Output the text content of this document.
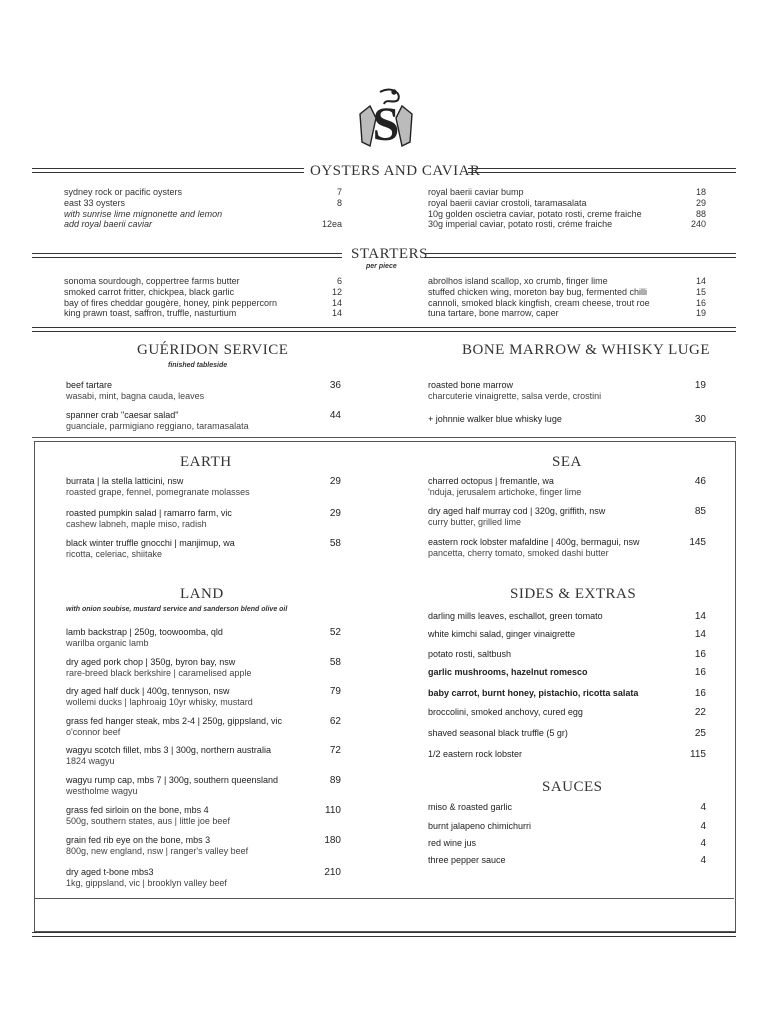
S
OYSTERS AND CAVIAR
sydney rock or pacific oysters	7
east 33 oysters	8
with sunrise lime mignonette and lemon
add royal baerii caviar	12ea
royal baerii caviar bump	18
royal baerii caviar crostoli, taramasalata	29
10g golden oscietra caviar, potato rosti, creme fraiche	88
30g imperial caviar, potato rosti, créme fraiche	240
STARTERS
per piece
sonoma sourdough, coppertree farms butter	6
smoked carrot fritter, chickpea, black garlic	12
bay of fires cheddar gougère, honey, pink peppercorn	14
king prawn toast, saffron, truffle, nasturtium	14
abrolhos island scallop, xo crumb, finger lime	14
stuffed chicken wing, moreton bay bug, fermented chilli	15
cannoli, smoked black kingfish, cream cheese, trout roe	16
tuna tartare, bone marrow, caper	19
GUÉRIDON SERVICE
finished tableside
BONE MARROW & WHISKY LUGE
beef tartare
wasabi, mint, bagna cauda, leaves
36
spanner crab "caesar salad"
guanciale, parmigiano reggiano, taramasalata
44
roasted bone marrow
charcuterie vinaigrette, salsa verde, crostini
19
+ johnnie walker blue whisky luge	30
EARTH	SEA
burrata | la stella latticini, nsw
roasted grape, fennel, pomegranate molasses
29
roasted pumpkin salad | ramarro farm, vic
cashew labneh, maple miso, radish
29
black winter truffle gnocchi | manjimup, wa
ricotta, celeriac, shiitake
58
charred octopus | fremantle, wa
'nduja, jerusalem artichoke, finger lime
46
dry aged half murray cod | 320g, griffith, nsw
curry butter, grilled lime
85
eastern rock lobster mafaldine | 400g, bermagui, nsw
pancetta, cherry tomato, smoked dashi butter
145
LAND
with onion soubise, mustard service and sanderson blend olive oil
lamb backstrap | 250g, toowoomba, qld
warilba organic lamb
52
dry aged pork chop | 350g, byron bay, nsw
rare-breed black berkshire | caramelised apple
58
dry aged half duck | 400g, tennyson, nsw
wollemi ducks | laphroaig 10yr whisky, mustard
79
grass fed hanger steak, mbs 2-4 | 250g, gippsland, vic
o'connor beef
62
wagyu scotch fillet, mbs 3 | 300g, northern australia
1824 wagyu
72
wagyu rump cap, mbs 7 | 300g, southern queensland
westholme wagyu
89
grass fed sirloin on the bone, mbs 4
500g, southern states, aus | little joe beef
110
grain fed rib eye on the bone, mbs 3
800g, new england, nsw | ranger's valley beef
180
dry aged t-bone mbs3
1kg, gippsland, vic | brooklyn valley beef
210
SIDES & EXTRAS
darling mills leaves, eschallot, green tomato	14
white kimchi salad, ginger vinaigrette	14
potato rosti, saltbush	16
garlic mushrooms, hazelnut romesco	16
baby carrot, burnt honey, pistachio, ricotta salata	16
broccolini, smoked anchovy, cured egg	22
shaved seasonal black truffle (5 gr)	25
1/2 eastern rock lobster	115
SAUCES
miso & roasted garlic	4
burnt jalapeno chimichurri	4
red wine jus	4
three pepper sauce	4
